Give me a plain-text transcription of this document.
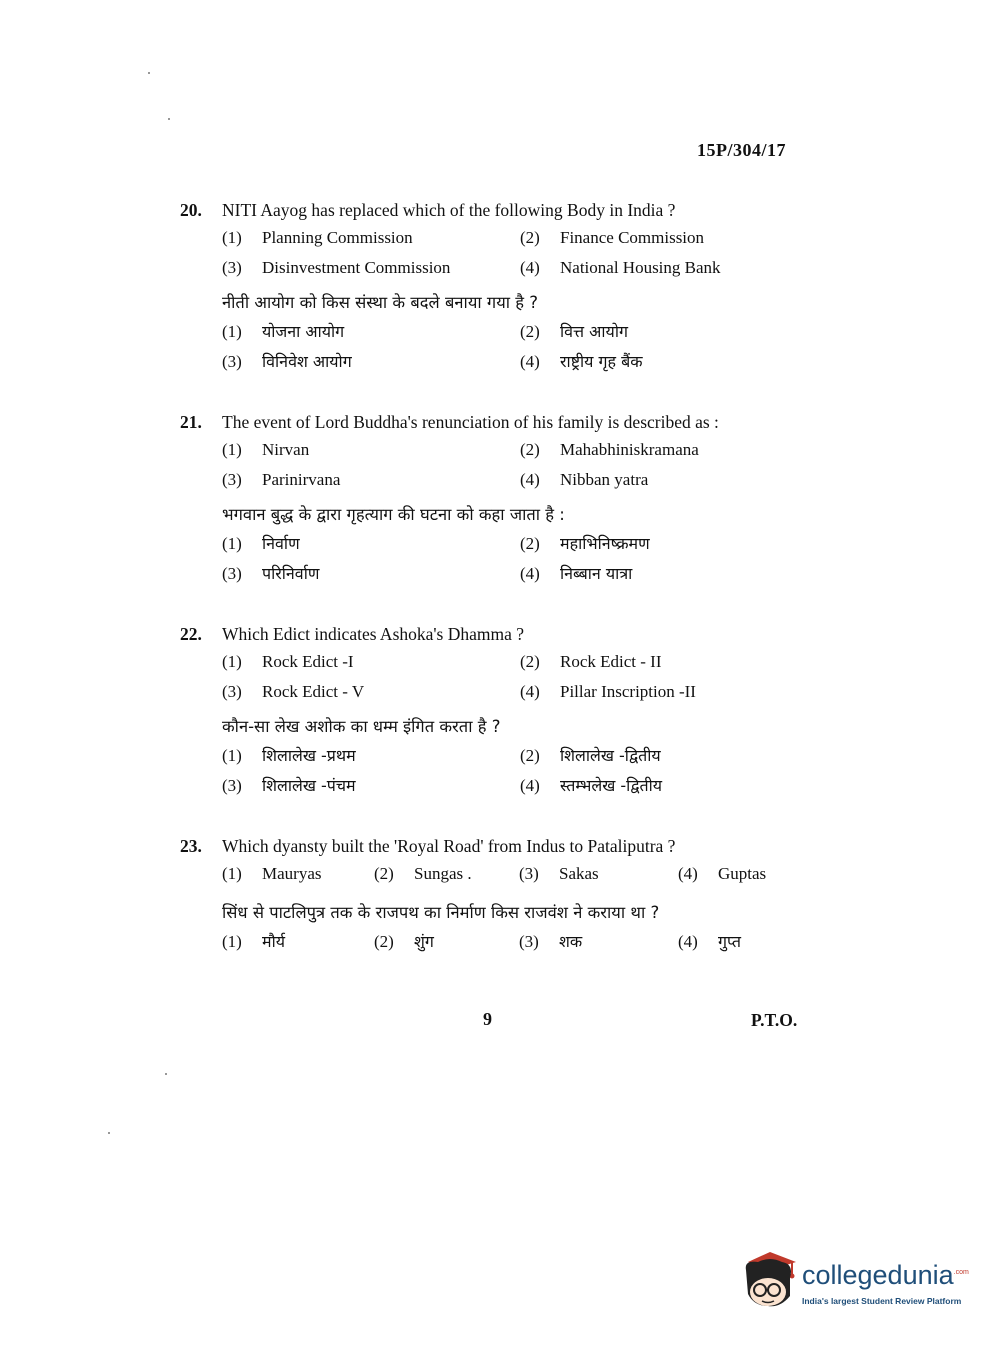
15P/304/17
20. NITI Aayog has replaced which of the following Body in India ?
(1) Planning Commission	(2) Finance Commission
(3) Disinvestment Commission	(4) National Housing Bank
नीती आयोग को किस संस्था के बदले बनाया गया है ?
(1) योजना आयोग	(2) वित्त आयोग
(3) विनिवेश आयोग	(4) राष्ट्रीय गृह बैंक
21. The event of Lord Buddha's renunciation of his family is described as :
(1) Nirvan	(2) Mahabhiniskramana
(3) Parinirvana	(4) Nibban yatra
भगवान बुद्ध के द्वारा गृहत्याग की घटना को कहा जाता है :
(1) निर्वाण	(2) महाभिनिष्क्रमण
(3) परिनिर्वाण	(4) निब्बान यात्रा
22. Which Edict indicates Ashoka's Dhamma ?
(1) Rock Edict -I	(2) Rock Edict - II
(3) Rock Edict - V	(4) Pillar Inscription -II
कौन-सा लेख अशोक का धम्म इंगित करता है ?
(1) शिलालेख -प्रथम	(2) शिलालेख -द्वितीय
(3) शिलालेख -पंचम	(4) स्तम्भलेख -द्वितीय
23. Which dyansty built the 'Royal Road' from Indus to Pataliputra ?
(1) Mauryas	(2) Sungas .	(3) Sakas	(4) Guptas
सिंध से पाटलिपुत्र तक के राजपथ का निर्माण किस राजवंश ने कराया था ?
(1) मौर्य	(2) शुंग	(3) शक	(4) गुप्त
9	P.T.O.
collegedunia$^{.com}$
India's largest Student Review Platform
